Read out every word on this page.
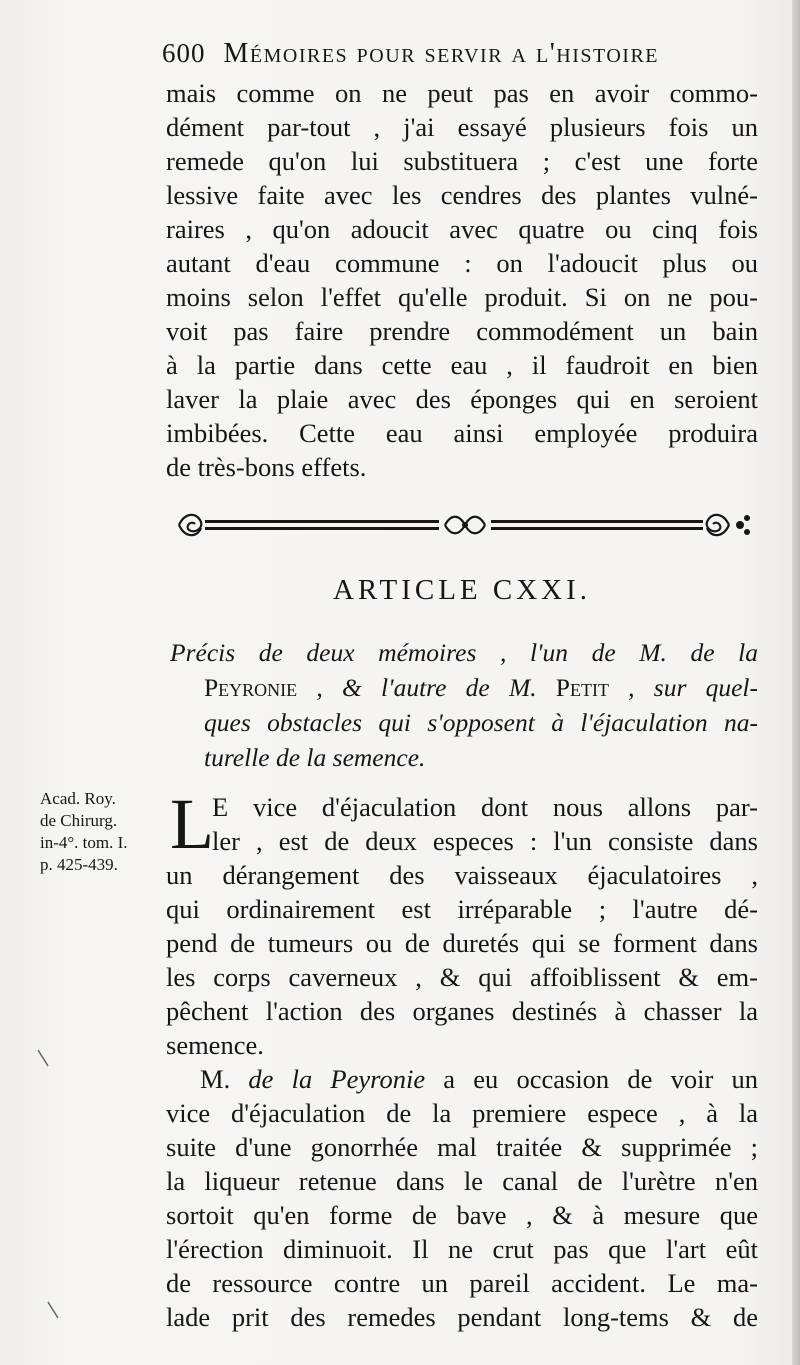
600 Mémoires pour servir a l'histoire
mais comme on ne peut pas en avoir commo-
dément par-tout , j'ai essayé plusieurs fois un
remede qu'on lui substituera ; c'est une forte
lessive faite avec les cendres des plantes vulné-
raires , qu'on adoucit avec quatre ou cinq fois
autant d'eau commune : on l'adoucit plus ou
moins selon l'effet qu'elle produit. Si on ne pou-
voit pas faire prendre commodément un bain
à la partie dans cette eau , il faudroit en bien
laver la plaie avec des éponges qui en seroient
imbibées. Cette eau ainsi employée produira
de très-bons effets.
ARTICLE CXXI.
Précis de deux mémoires , l'un de M. de la
Peyronie , & l'autre de M. Petit , sur quel-
ques obstacles qui s'opposent à l'éjaculation na-
turelle de la semence.
Acad. Roy.
de Chirurg.
in-4°. tom. I.
p. 425-439.
L
E vice d'éjaculation dont nous allons par-
ler , est de deux especes : l'un consiste dans
un dérangement des vaisseaux éjaculatoires ,
qui ordinairement est irréparable ; l'autre dé-
pend de tumeurs ou de duretés qui se forment dans
les corps caverneux , & qui affoiblissent & em-
pêchent l'action des organes destinés à chasser la
semence.
M. de la Peyronie a eu occasion de voir un
vice d'éjaculation de la premiere espece , à la
suite d'une gonorrhée mal traitée & supprimée ;
la liqueur retenue dans le canal de l'urètre n'en
sortoit qu'en forme de bave , & à mesure que
l'érection diminuoit. Il ne crut pas que l'art eût
de ressource contre un pareil accident. Le ma-
lade prit des remedes pendant long-tems & de
